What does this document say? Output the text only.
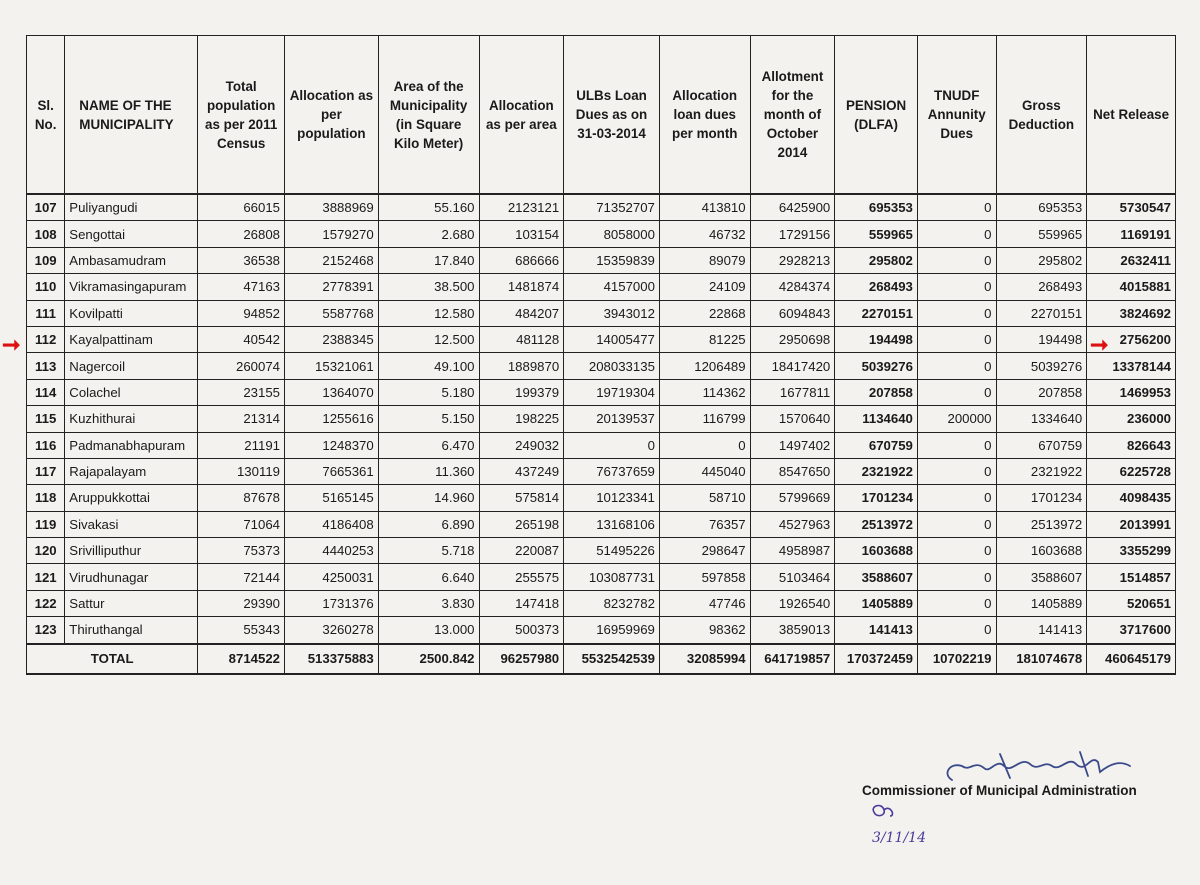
Sl. No.	NAME OF THE MUNICIPALITY	Total population as per 2011 Census	Allocation as per population	Area of the Municipality (in Square Kilo Meter)	Allocation as per area	ULBs Loan Dues as on 31-03-2014	Allocation loan dues per month	Allotment for the month of October 2014	PENSION (DLFA)	TNUDF Annunity Dues	Gross Deduction	Net Release
107	Puliyangudi	66015	3888969	55.160	2123121	71352707	413810	6425900	695353	0	695353	5730547
108	Sengottai	26808	1579270	2.680	103154	8058000	46732	1729156	559965	0	559965	1169191
109	Ambasamudram	36538	2152468	17.840	686666	15359839	89079	2928213	295802	0	295802	2632411
110	Vikramasingapuram	47163	2778391	38.500	1481874	4157000	24109	4284374	268493	0	268493	4015881
111	Kovilpatti	94852	5587768	12.580	484207	3943012	22868	6094843	2270151	0	2270151	3824692
112	Kayalpattinam	40542	2388345	12.500	481128	14005477	81225	2950698	194498	0	194498	2756200
113	Nagercoil	260074	15321061	49.100	1889870	208033135	1206489	18417420	5039276	0	5039276	13378144
114	Colachel	23155	1364070	5.180	199379	19719304	114362	1677811	207858	0	207858	1469953
115	Kuzhithurai	21314	1255616	5.150	198225	20139537	116799	1570640	1134640	200000	1334640	236000
116	Padmanabhapuram	21191	1248370	6.470	249032	0	0	1497402	670759	0	670759	826643
117	Rajapalayam	130119	7665361	11.360	437249	76737659	445040	8547650	2321922	0	2321922	6225728
118	Aruppukkottai	87678	5165145	14.960	575814	10123341	58710	5799669	1701234	0	1701234	4098435
119	Sivakasi	71064	4186408	6.890	265198	13168106	76357	4527963	2513972	0	2513972	2013991
120	Srivilliputhur	75373	4440253	5.718	220087	51495226	298647	4958987	1603688	0	1603688	3355299
121	Virudhunagar	72144	4250031	6.640	255575	103087731	597858	5103464	3588607	0	3588607	1514857
122	Sattur	29390	1731376	3.830	147418	8232782	47746	1926540	1405889	0	1405889	520651
123	Thiruthangal	55343	3260278	13.000	500373	16959969	98362	3859013	141413	0	141413	3717600
TOTAL		8714522	513375883	2500.842	96257980	5532542539	32085994	641719857	170372459	10702219	181074678	460645179
➞	➞
Commissioner of Municipal Administration
3/11/14
